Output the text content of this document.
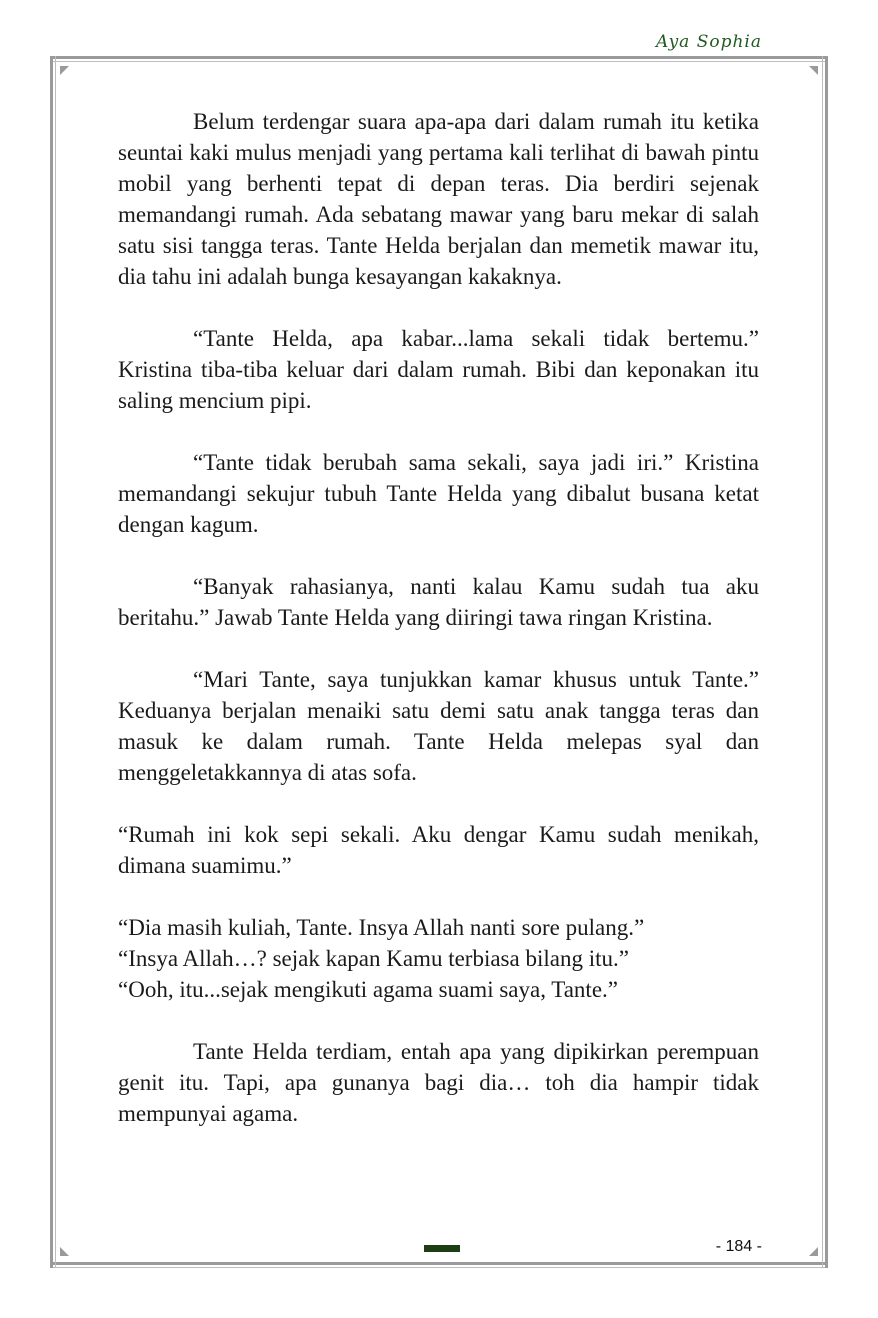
Aya Sophia

Belum terdengar suara apa-apa dari dalam rumah itu ketika seuntai kaki mulus menjadi yang pertama kali terlihat di bawah pintu mobil yang berhenti tepat di depan teras. Dia berdiri sejenak memandangi rumah. Ada sebatang mawar yang baru mekar di salah satu sisi tangga teras. Tante Helda berjalan dan memetik mawar itu, dia tahu ini adalah bunga kesayangan kakaknya.

“Tante Helda, apa kabar...lama sekali tidak bertemu.” Kristina tiba-tiba keluar dari dalam rumah. Bibi dan keponakan itu saling mencium pipi.

“Tante tidak berubah sama sekali, saya jadi iri.” Kristina memandangi sekujur tubuh Tante Helda yang dibalut busana ketat dengan kagum.

“Banyak rahasianya, nanti kalau Kamu sudah tua aku beritahu.” Jawab Tante Helda yang diiringi tawa ringan Kristina.

“Mari Tante, saya tunjukkan kamar khusus untuk Tante.” Keduanya berjalan menaiki satu demi satu anak tangga teras dan masuk ke dalam rumah. Tante Helda melepas syal dan menggeletakkannya di atas sofa.

“Rumah ini kok sepi sekali. Aku dengar Kamu sudah menikah, dimana suamimu.”

“Dia masih kuliah, Tante. Insya Allah nanti sore pulang.”

“Insya Allah…? sejak kapan Kamu terbiasa bilang itu.”

“Ooh, itu...sejak mengikuti agama suami saya, Tante.”

Tante Helda terdiam, entah apa yang dipikirkan perempuan genit itu. Tapi, apa gunanya bagi dia… toh dia hampir tidak mempunyai agama.

- 184 -
